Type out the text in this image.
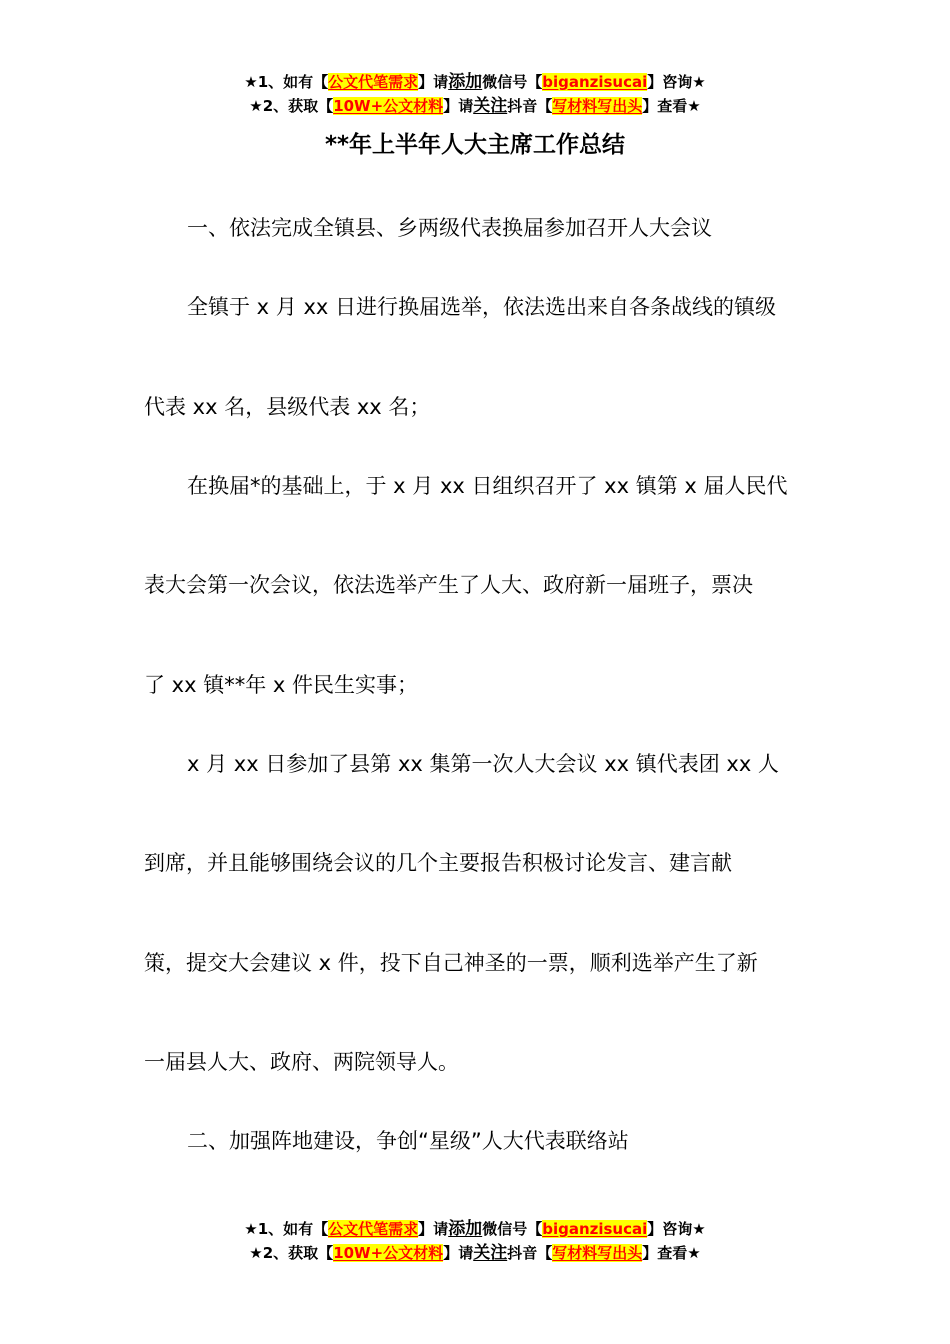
★1、如有【公文代笔需求】请添加微信号【biganzisucai】咨询★
★2、获取【10W+公文材料】请关注抖音【写材料写出头】查看★
**年上半年人大主席工作总结
一、依法完成全镇县、乡两级代表换届参加召开人大会议
全镇于 x 月 xx 日进行换届选举，依法选出来自各条战线的镇级
代表 xx 名，县级代表 xx 名；
在换届*的基础上，于 x 月 xx 日组织召开了 xx 镇第 x 届人民代
表大会第一次会议，依法选举产生了人大、政府新一届班子，票决
了 xx 镇**年 x 件民生实事；
x 月 xx 日参加了县第 xx 集第一次人大会议 xx 镇代表团 xx 人
到席，并且能够围绕会议的几个主要报告积极讨论发言、建言献
策，提交大会建议 x 件，投下自己神圣的一票，顺利选举产生了新
一届县人大、政府、两院领导人。
二、加强阵地建设，争创“星级”人大代表联络站
★1、如有【公文代笔需求】请添加微信号【biganzisucai】咨询★
★2、获取【10W+公文材料】请关注抖音【写材料写出头】查看★
